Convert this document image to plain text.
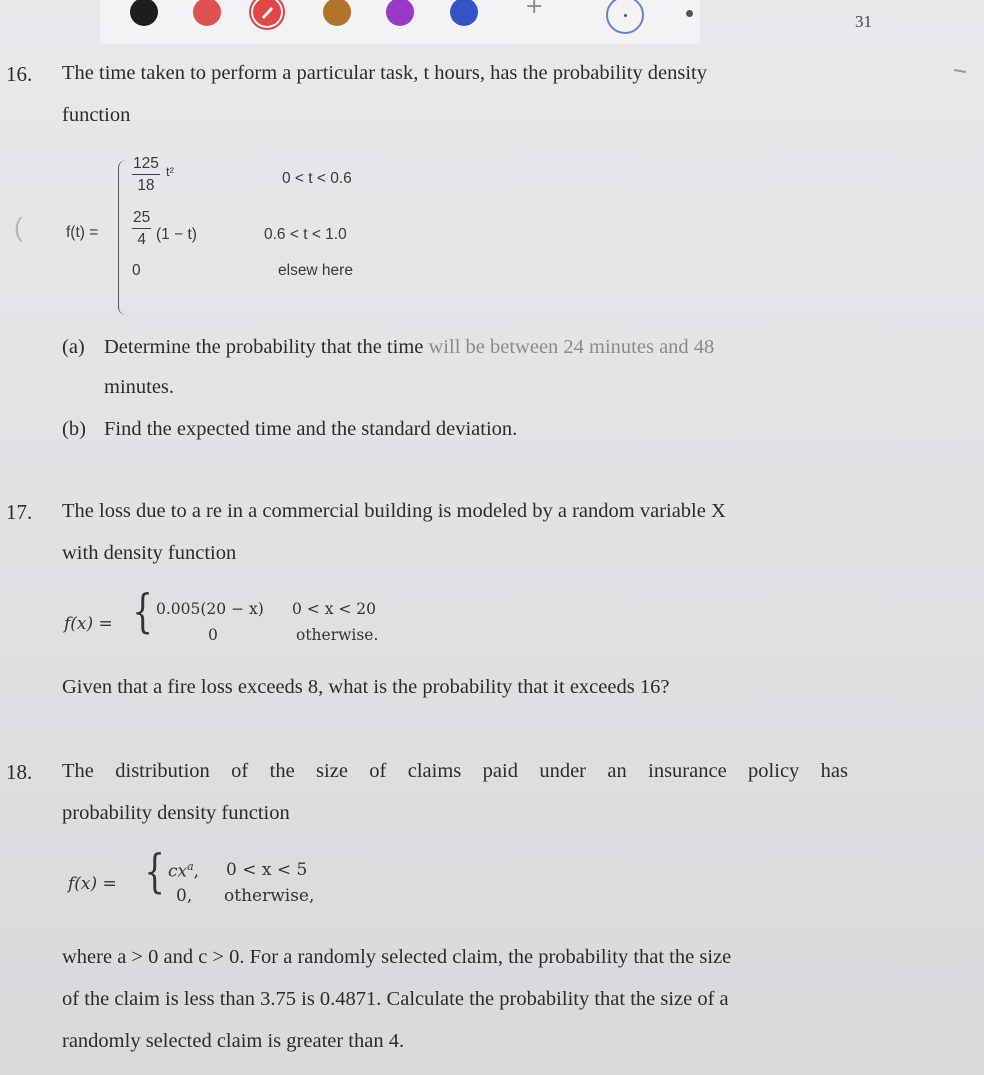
+
31
(
16. The time taken to perform a particular task, t hours, has the probability density
function
f(t) =
$\frac{125}{18} t^2$	0 < t < 0.6
$\frac{25}{4} (1 - t)$	0.6 < t < 1.0
0	elsew here
(a) Determine the probability that the time will be between 24 minutes and 48
minutes.
(b) Find the expected time and the standard deviation.
17. The loss due to a re in a commercial building is modeled by a random variable X
with density function
f(x) = { 0.005(20 − x) 0 < x < 20
0	otherwise.
Given that a fire loss exceeds 8, what is the probability that it exceeds 16?
18. The distribution of the size of claims paid under an insurance policy has
probability density function
f(x) = { $cx^a$, 0 < x < 5
0, otherwise,
where a > 0 and c > 0. For a randomly selected claim, the probability that the size
of the claim is less than 3.75 is 0.4871. Calculate the probability that the size of a
randomly selected claim is greater than 4.
